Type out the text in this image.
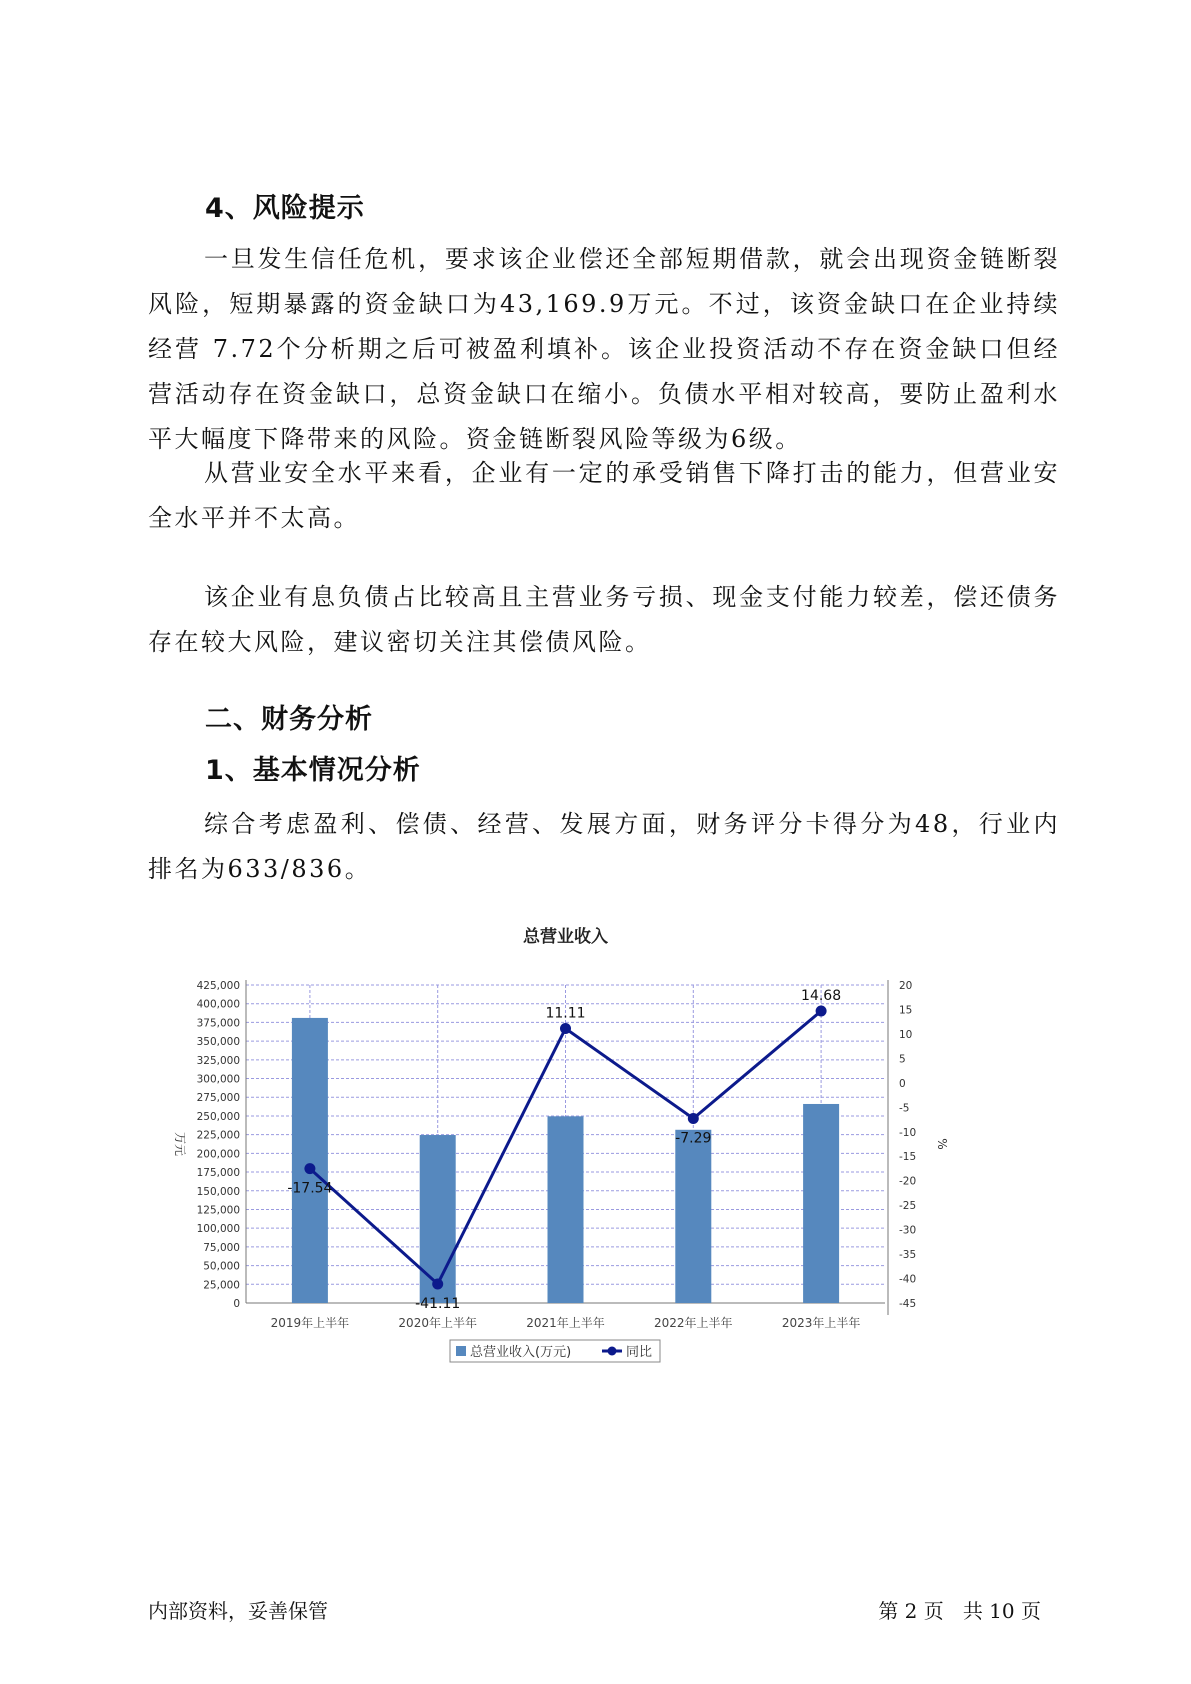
4、风险提示

一旦发生信任危机，要求该企业偿还全部短期借款，就会出现资金链断裂风险，短期暴露的资金缺口为43,169.9万元。不过，该资金缺口在企业持续经营 7.72个分析期之后可被盈利填补。该企业投资活动不存在资金缺口但经营活动存在资金缺口，总资金缺口在缩小。负债水平相对较高，要防止盈利水平大幅度下降带来的风险。资金链断裂风险等级为6级。

从营业安全水平来看，企业有一定的承受销售下降打击的能力，但营业安全水平并不太高。

该企业有息负债占比较高且主营业务亏损、现金支付能力较差，偿还债务存在较大风险，建议密切关注其偿债风险。

二、财务分析
1、基本情况分析

综合考虑盈利、偿债、经营、发展方面，财务评分卡得分为48，行业内排名为633/836。

总营业收入
0
25,000
50,000
75,000
100,000
125,000
150,000
175,000
200,000
225,000
250,000
275,000
300,000
325,000
350,000
375,000
400,000
425,000
-45
-40
-35
-30
-25
-20
-15
-10
-5
0
5
10
15
20
万元	%
2019年上半年	2020年上半年	2021年上半年	2022年上半年	2023年上半年
-17.54
-41.11
11.11
-7.29
14.68
总营业收入(万元)	同比

内部资料，妥善保管	第 2 页   共 10 页
